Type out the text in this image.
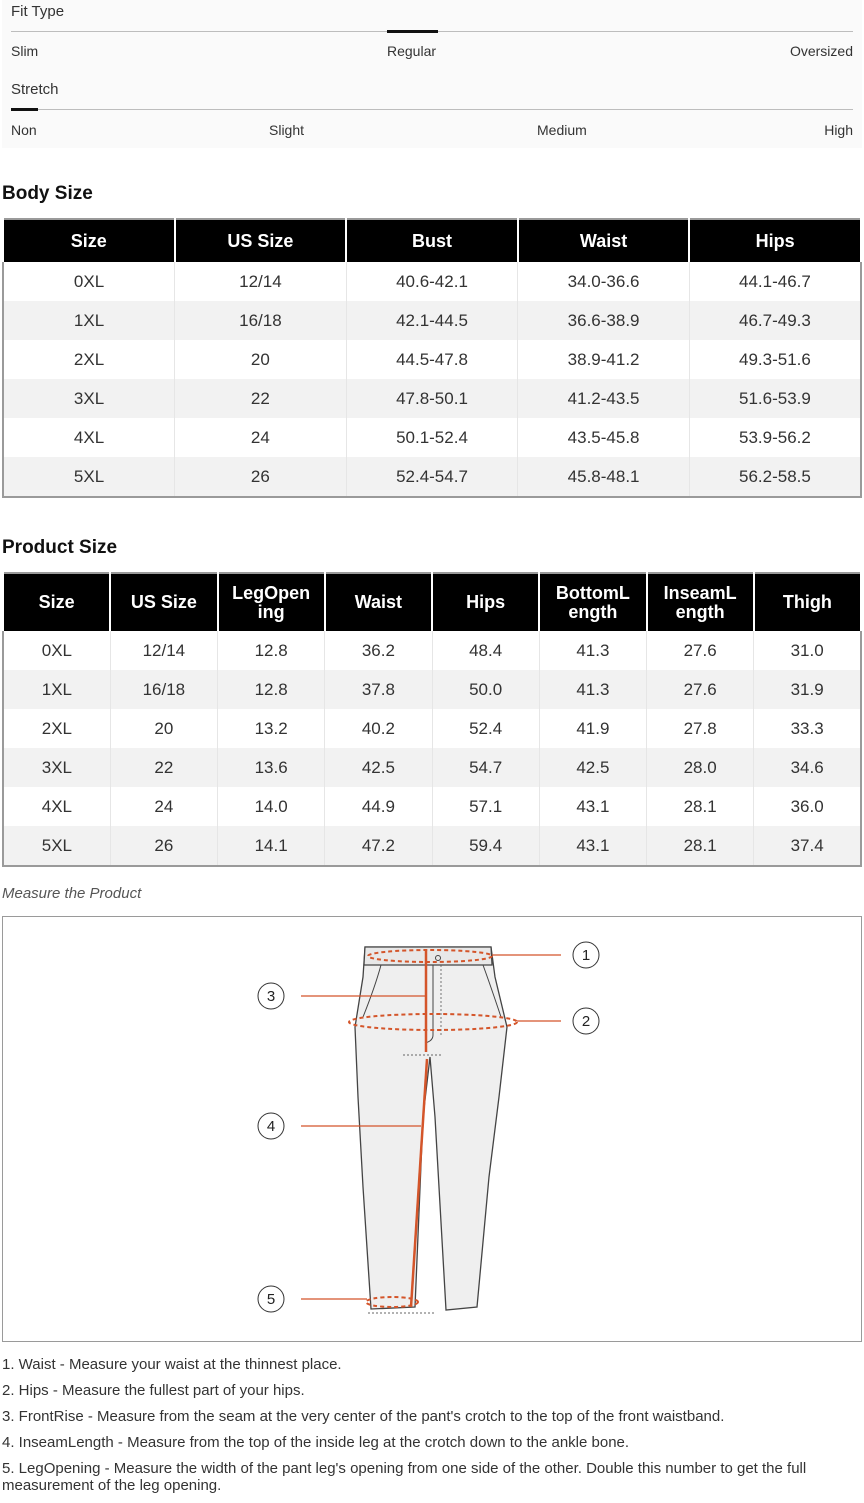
Fit Type
Slim	Regular	Oversized
Stretch
Non	Slight	Medium	High
Body Size
Size	US Size	Bust	Waist	Hips
0XL	12/14	40.6-42.1	34.0-36.6	44.1-46.7
1XL	16/18	42.1-44.5	36.6-38.9	46.7-49.3
2XL	20	44.5-47.8	38.9-41.2	49.3-51.6
3XL	22	47.8-50.1	41.2-43.5	51.6-53.9
4XL	24	50.1-52.4	43.5-45.8	53.9-56.2
5XL	26	52.4-54.7	45.8-48.1	56.2-58.5
Product Size
Size	US Size	LegOpen ing	Waist	Hips	BottomL ength	InseamL ength	Thigh
0XL	12/14	12.8	36.2	48.4	41.3	27.6	31.0
1XL	16/18	12.8	37.8	50.0	41.3	27.6	31.9
2XL	20	13.2	40.2	52.4	41.9	27.8	33.3
3XL	22	13.6	42.5	54.7	42.5	28.0	34.6
4XL	24	14.0	44.9	57.1	43.1	28.1	36.0
5XL	26	14.1	47.2	59.4	43.1	28.1	37.4
Measure the Product
1
2
3
4
5

1. Waist - Measure your waist at the thinnest place.

2. Hips - Measure the fullest part of your hips.

3. FrontRise - Measure from the seam at the very center of the pant's crotch to the top of the front waistband.

4. InseamLength - Measure from the top of the inside leg at the crotch down to the ankle bone.

5. LegOpening - Measure the width of the pant leg's opening from one side of the other. Double this number to get the full measurement of the leg opening.
